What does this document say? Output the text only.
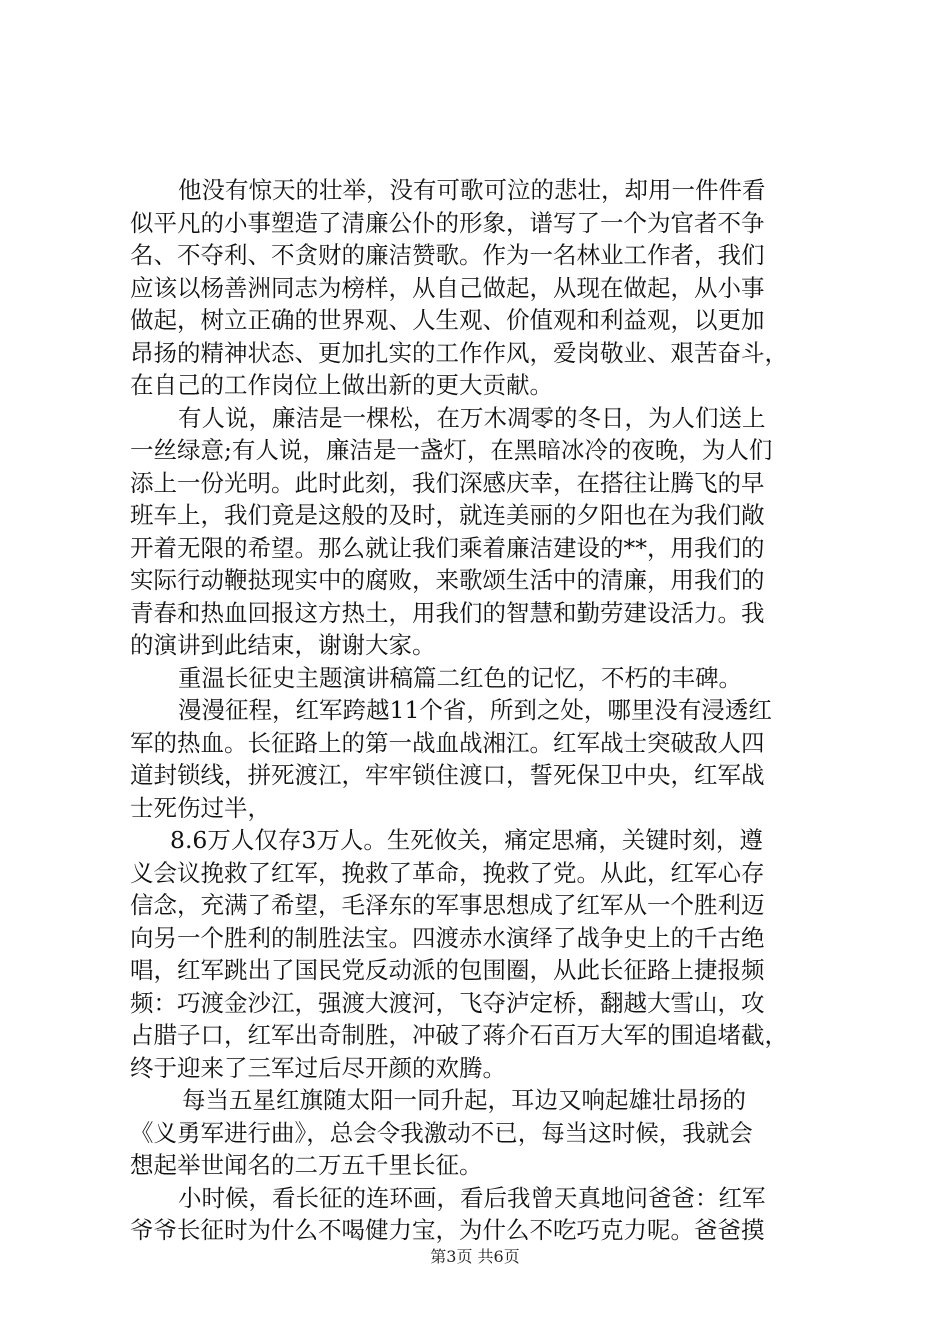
他没有惊天的壮举，没有可歌可泣的悲壮，却用一件件看
似平凡的小事塑造了清廉公仆的形象，谱写了一个为官者不争
名、不夺利、不贪财的廉洁赞歌。作为一名林业工作者，我们
应该以杨善洲同志为榜样，从自己做起，从现在做起，从小事
做起，树立正确的世界观、人生观、价值观和利益观，以更加
昂扬的精神状态、更加扎实的工作作风，爱岗敬业、艰苦奋斗，
在自己的工作岗位上做出新的更大贡献。
有人说，廉洁是一棵松，在万木凋零的冬日，为人们送上
一丝绿意;有人说，廉洁是一盏灯，在黑暗冰冷的夜晚，为人们
添上一份光明。此时此刻，我们深感庆幸，在搭往让腾飞的早
班车上，我们竟是这般的及时，就连美丽的夕阳也在为我们敞
开着无限的希望。那么就让我们乘着廉洁建设的**，用我们的
实际行动鞭挞现实中的腐败，来歌颂生活中的清廉，用我们的
青春和热血回报这方热土，用我们的智慧和勤劳建设活力。我
的演讲到此结束，谢谢大家。
重温长征史主题演讲稿篇二红色的记忆，不朽的丰碑。
漫漫征程，红军跨越11个省，所到之处，哪里没有浸透红
军的热血。长征路上的第一战血战湘江。红军战士突破敌人四
道封锁线，拼死渡江，牢牢锁住渡口，誓死保卫中央，红军战
士死伤过半，
8.6万人仅存3万人。生死攸关，痛定思痛，关键时刻，遵
义会议挽救了红军，挽救了革命，挽救了党。从此，红军心存
信念，充满了希望，毛泽东的军事思想成了红军从一个胜利迈
向另一个胜利的制胜法宝。四渡赤水演绎了战争史上的千古绝
唱，红军跳出了国民党反动派的包围圈，从此长征路上捷报频
频：巧渡金沙江，强渡大渡河，飞夺泸定桥，翻越大雪山，攻
占腊子口，红军出奇制胜，冲破了蒋介石百万大军的围追堵截，
终于迎来了三军过后尽开颜的欢腾。
每当五星红旗随太阳一同升起，耳边又响起雄壮昂扬的
《义勇军进行曲》，总会令我激动不已，每当这时候，我就会
想起举世闻名的二万五千里长征。
小时候，看长征的连环画，看后我曾天真地问爸爸：红军
爷爷长征时为什么不喝健力宝，为什么不吃巧克力呢。爸爸摸
第3页 共6页
